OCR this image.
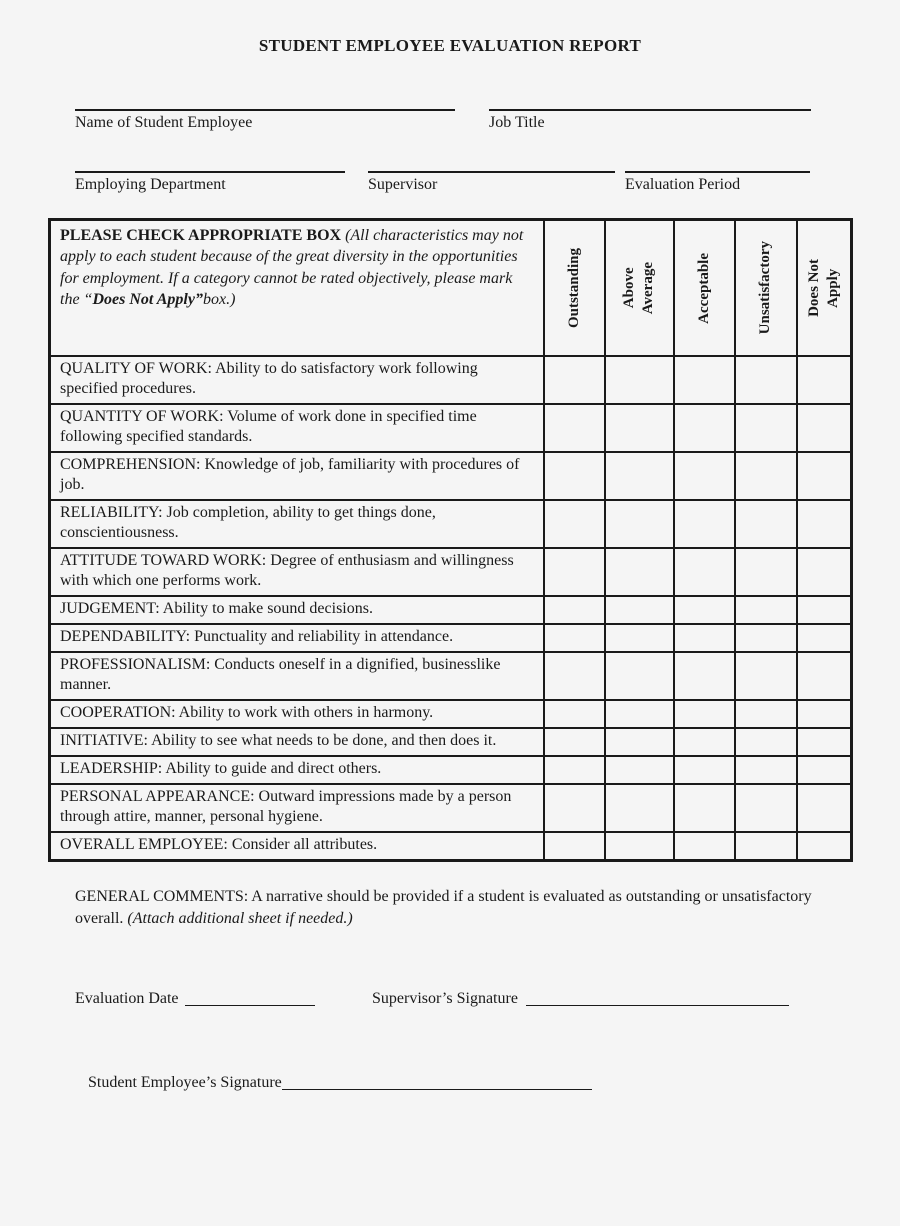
STUDENT EMPLOYEE EVALUATION REPORT
Name of Student Employee	Job Title
Employing Department	Supervisor	Evaluation Period
PLEASE CHECK APPROPRIATE BOX (All characteristics may not apply to each student because of the great diversity in the opportunities for employment. If a category cannot be rated objectively, please mark the “Does Not Apply”box.)	Outstanding	Above Average	Acceptable	Unsatisfactory	Does Not Apply

QUALITY OF WORK: Ability to do satisfactory work following specified procedures.					
QUANTITY OF WORK: Volume of work done in specified time following specified standards.					
COMPREHENSION: Knowledge of job, familiarity with procedures of job.					
RELIABILITY: Job completion, ability to get things done, conscientiousness.					
ATTITUDE TOWARD WORK: Degree of enthusiasm and willingness with which one performs work.					
JUDGEMENT: Ability to make sound decisions.					
DEPENDABILITY: Punctuality and reliability in attendance.					
PROFESSIONALISM: Conducts oneself in a dignified, businesslike manner.					
COOPERATION: Ability to work with others in harmony.					
INITIATIVE: Ability to see what needs to be done, and then does it.					
LEADERSHIP: Ability to guide and direct others.					
PERSONAL APPEARANCE: Outward impressions made by a person through attire, manner, personal hygiene.					
OVERALL EMPLOYEE: Consider all attributes.					
GENERAL COMMENTS: A narrative should be provided if a student is evaluated as outstanding or unsatisfactory overall. (Attach additional sheet if needed.)
Evaluation Date	Supervisor’s Signature
Student Employee’s Signature
